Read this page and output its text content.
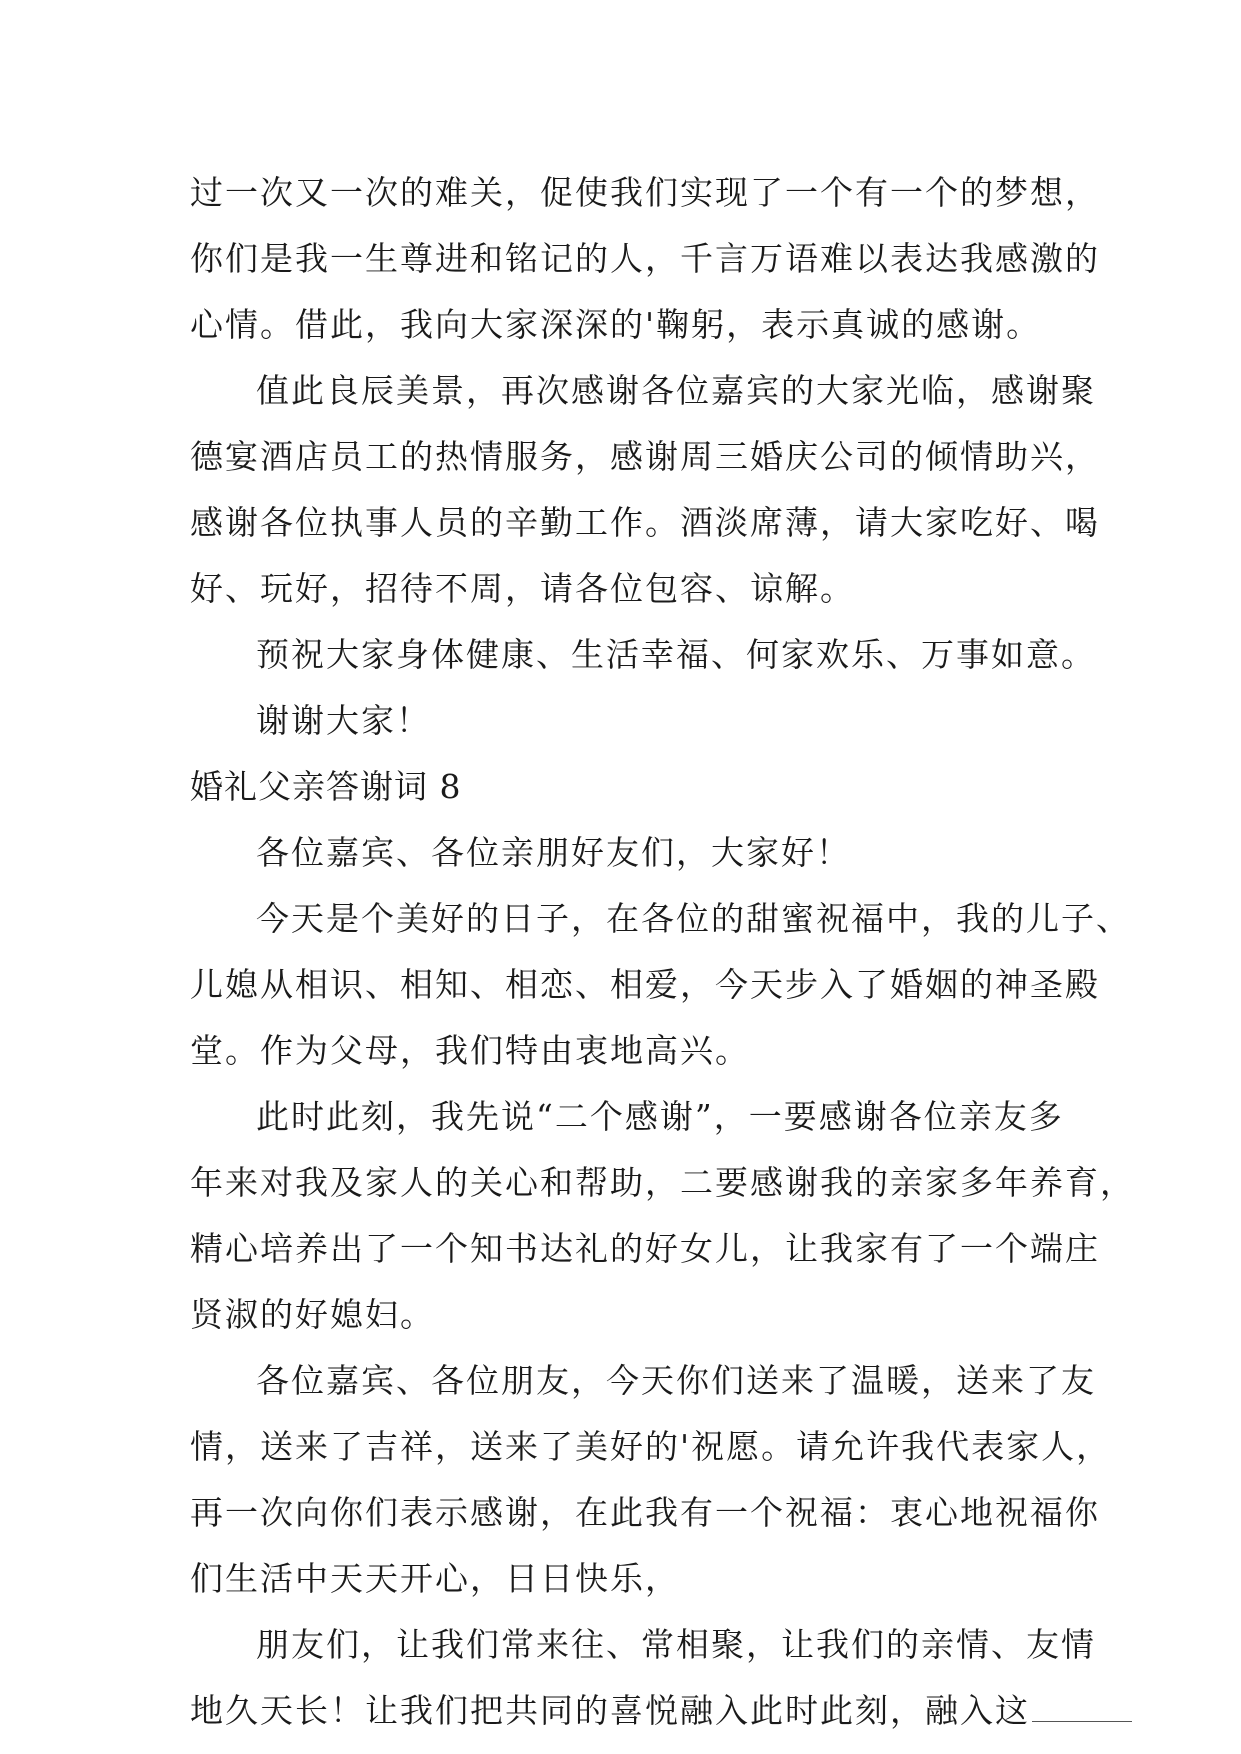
过一次又一次的难关，促使我们实现了一个有一个的梦想，
你们是我一生尊进和铭记的人，千言万语难以表达我感激的
心情。借此，我向大家深深的'鞠躬，表示真诚的感谢。
值此良辰美景，再次感谢各位嘉宾的大家光临，感谢聚
德宴酒店员工的热情服务，感谢周三婚庆公司的倾情助兴，
感谢各位执事人员的辛勤工作。酒淡席薄，请大家吃好、喝
好、玩好，招待不周，请各位包容、谅解。
预祝大家身体健康、生活幸福、何家欢乐、万事如意。
谢谢大家！
婚礼父亲答谢词 8
各位嘉宾、各位亲朋好友们，大家好！
今天是个美好的日子，在各位的甜蜜祝福中，我的儿子、
儿媳从相识、相知、相恋、相爱，今天步入了婚姻的神圣殿
堂。作为父母，我们特由衷地高兴。
此时此刻，我先说“二个感谢”，一要感谢各位亲友多
年来对我及家人的关心和帮助，二要感谢我的亲家多年养育，
精心培养出了一个知书达礼的好女儿，让我家有了一个端庄
贤淑的好媳妇。
各位嘉宾、各位朋友，今天你们送来了温暖，送来了友
情，送来了吉祥，送来了美好的'祝愿。请允许我代表家人，
再一次向你们表示感谢，在此我有一个祝福：衷心地祝福你
们生活中天天开心，日日快乐，
朋友们，让我们常来往、常相聚，让我们的亲情、友情
地久天长！让我们把共同的喜悦融入此时此刻，融入这
